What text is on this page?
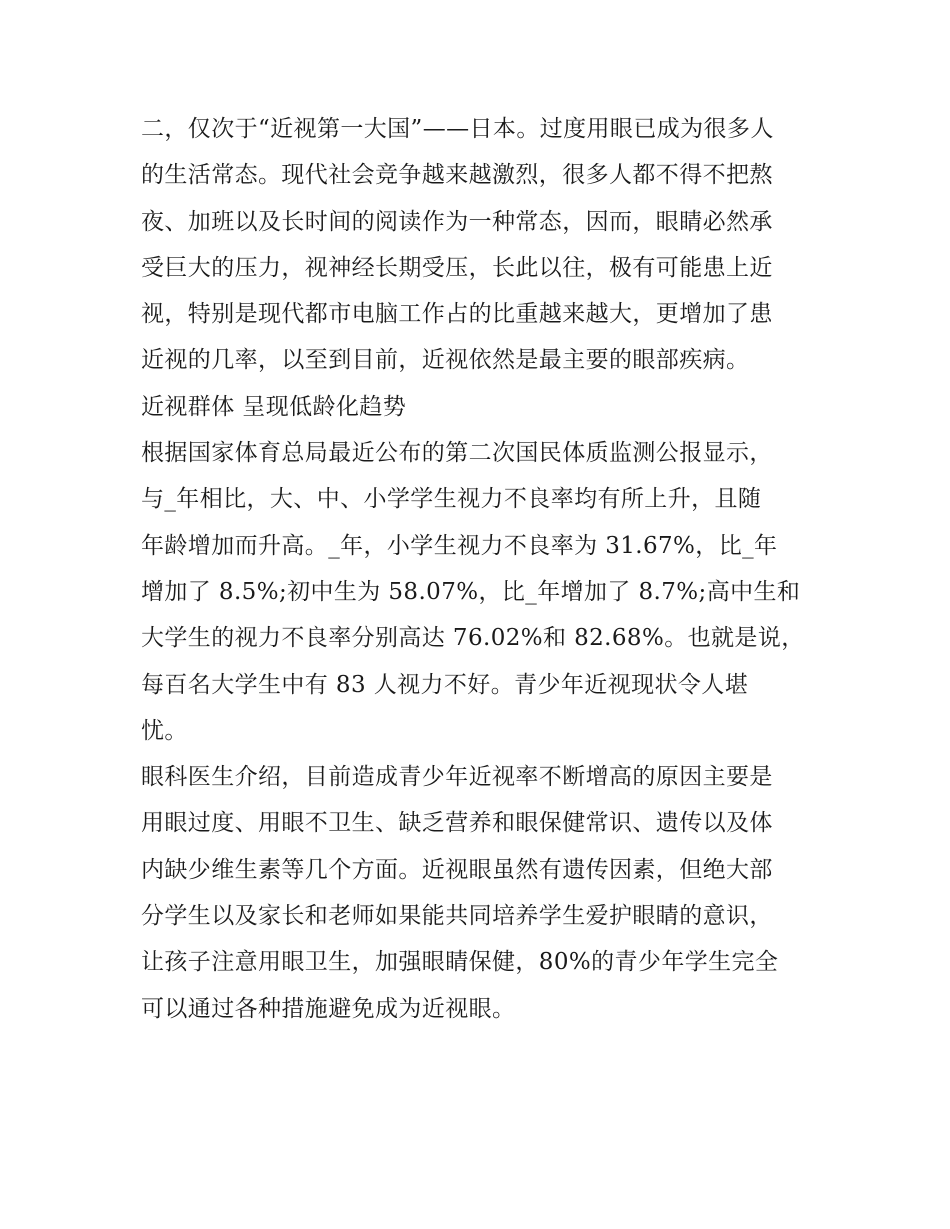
二，仅次于“近视第一大国”——日本。过度用眼已成为很多人
的生活常态。现代社会竞争越来越激烈，很多人都不得不把熬
夜、加班以及长时间的阅读作为一种常态，因而，眼睛必然承
受巨大的压力，视神经长期受压，长此以往，极有可能患上近
视，特别是现代都市电脑工作占的比重越来越大，更增加了患
近视的几率，以至到目前，近视依然是最主要的眼部疾病。
近视群体 呈现低龄化趋势
根据国家体育总局最近公布的第二次国民体质监测公报显示，
与_年相比，大、中、小学学生视力不良率均有所上升，且随
年龄增加而升高。_年，小学生视力不良率为 31.67%，比_年
增加了 8.5%;初中生为 58.07%，比_年增加了 8.7%;高中生和
大学生的视力不良率分别高达 76.02%和 82.68%。也就是说，
每百名大学生中有 83 人视力不好。青少年近视现状令人堪
忧。
眼科医生介绍，目前造成青少年近视率不断增高的原因主要是
用眼过度、用眼不卫生、缺乏营养和眼保健常识、遗传以及体
内缺少维生素等几个方面。近视眼虽然有遗传因素，但绝大部
分学生以及家长和老师如果能共同培养学生爱护眼睛的意识，
让孩子注意用眼卫生，加强眼睛保健，80%的青少年学生完全
可以通过各种措施避免成为近视眼。
